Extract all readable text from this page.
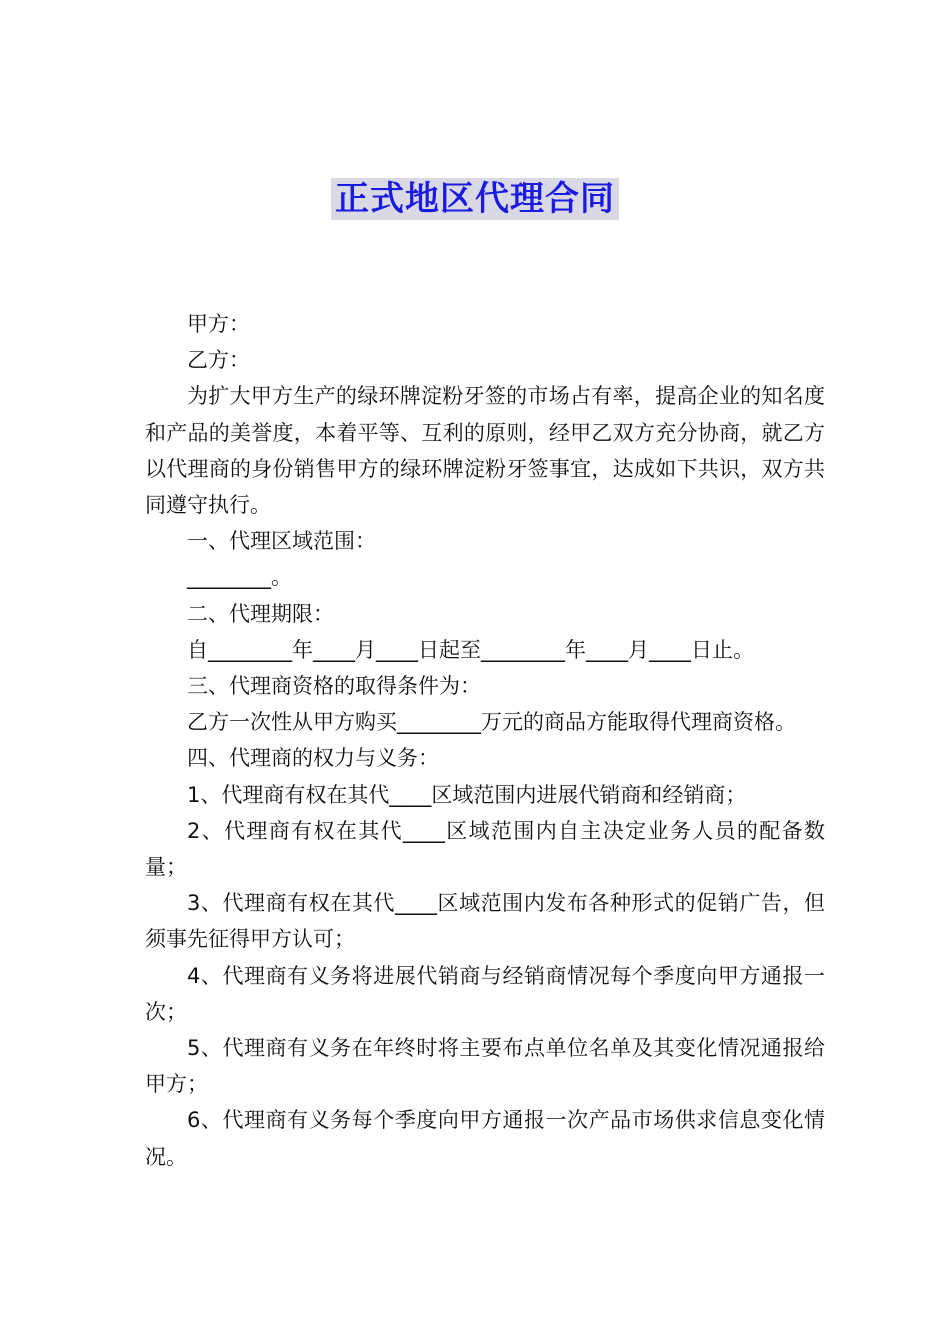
正式地区代理合同

甲方：

乙方：

为扩大甲方生产的绿环牌淀粉牙签的市场占有率，提高企业的知名度和产品的美誉度，本着平等、互利的原则，经甲乙双方充分协商，就乙方以代理商的身份销售甲方的绿环牌淀粉牙签事宜，达成如下共识，双方共同遵守执行。

一、代理区域范围：

________。

二、代理期限：

自________年____月____日起至________年____月____日止。

三、代理商资格的取得条件为：

乙方一次性从甲方购买________万元的商品方能取得代理商资格。

四、代理商的权力与义务：

1、代理商有权在其代____区域范围内进展代销商和经销商；

2、代理商有权在其代____区域范围内自主决定业务人员的配备数量；

3、代理商有权在其代____区域范围内发布各种形式的促销广告，但须事先征得甲方认可；

4、代理商有义务将进展代销商与经销商情况每个季度向甲方通报一次；

5、代理商有义务在年终时将主要布点单位名单及其变化情况通报给甲方；

6、代理商有义务每个季度向甲方通报一次产品市场供求信息变化情况。
